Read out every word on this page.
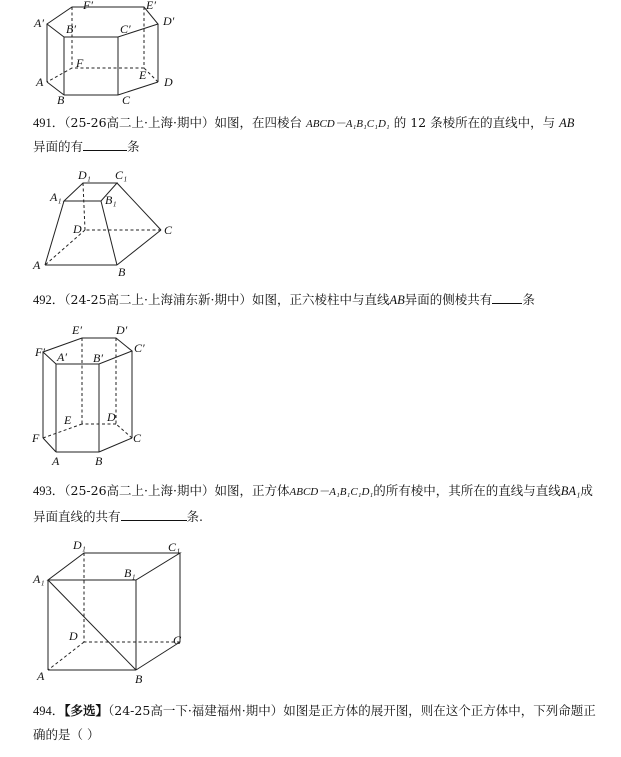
A′ B′	C′
D′
E′
F′
A
B	C
D
E
F
491．（25-26高二上·上海·期中）如图，在四棱台 ABCD－A₁B₁C₁D₁ 的 12 条棱所在的直线中，与 AB
异面的有	条
D₁ C₁
A₁	B₁
D	C
A	B
492．（24-25高二上·上海浦东新·期中）如图，正六棱柱中与直线AB异面的侧棱共有 条
E′	D′
F′ A′ B′
C′
E	D
F	C
A	B
493．（25-26高二上·上海·期中）如图，正方体ABCD－A₁B₁C₁D₁的所有棱中，其所在的直线与直线BA₁成
异面直线的共有	条.
D₁	C₁
A₁	B₁
D	C
A	B
494．【多选】（24-25高一下·福建福州·期中）如图是正方体的展开图，则在这个正方体中，下列命题正
确的是（ ）
